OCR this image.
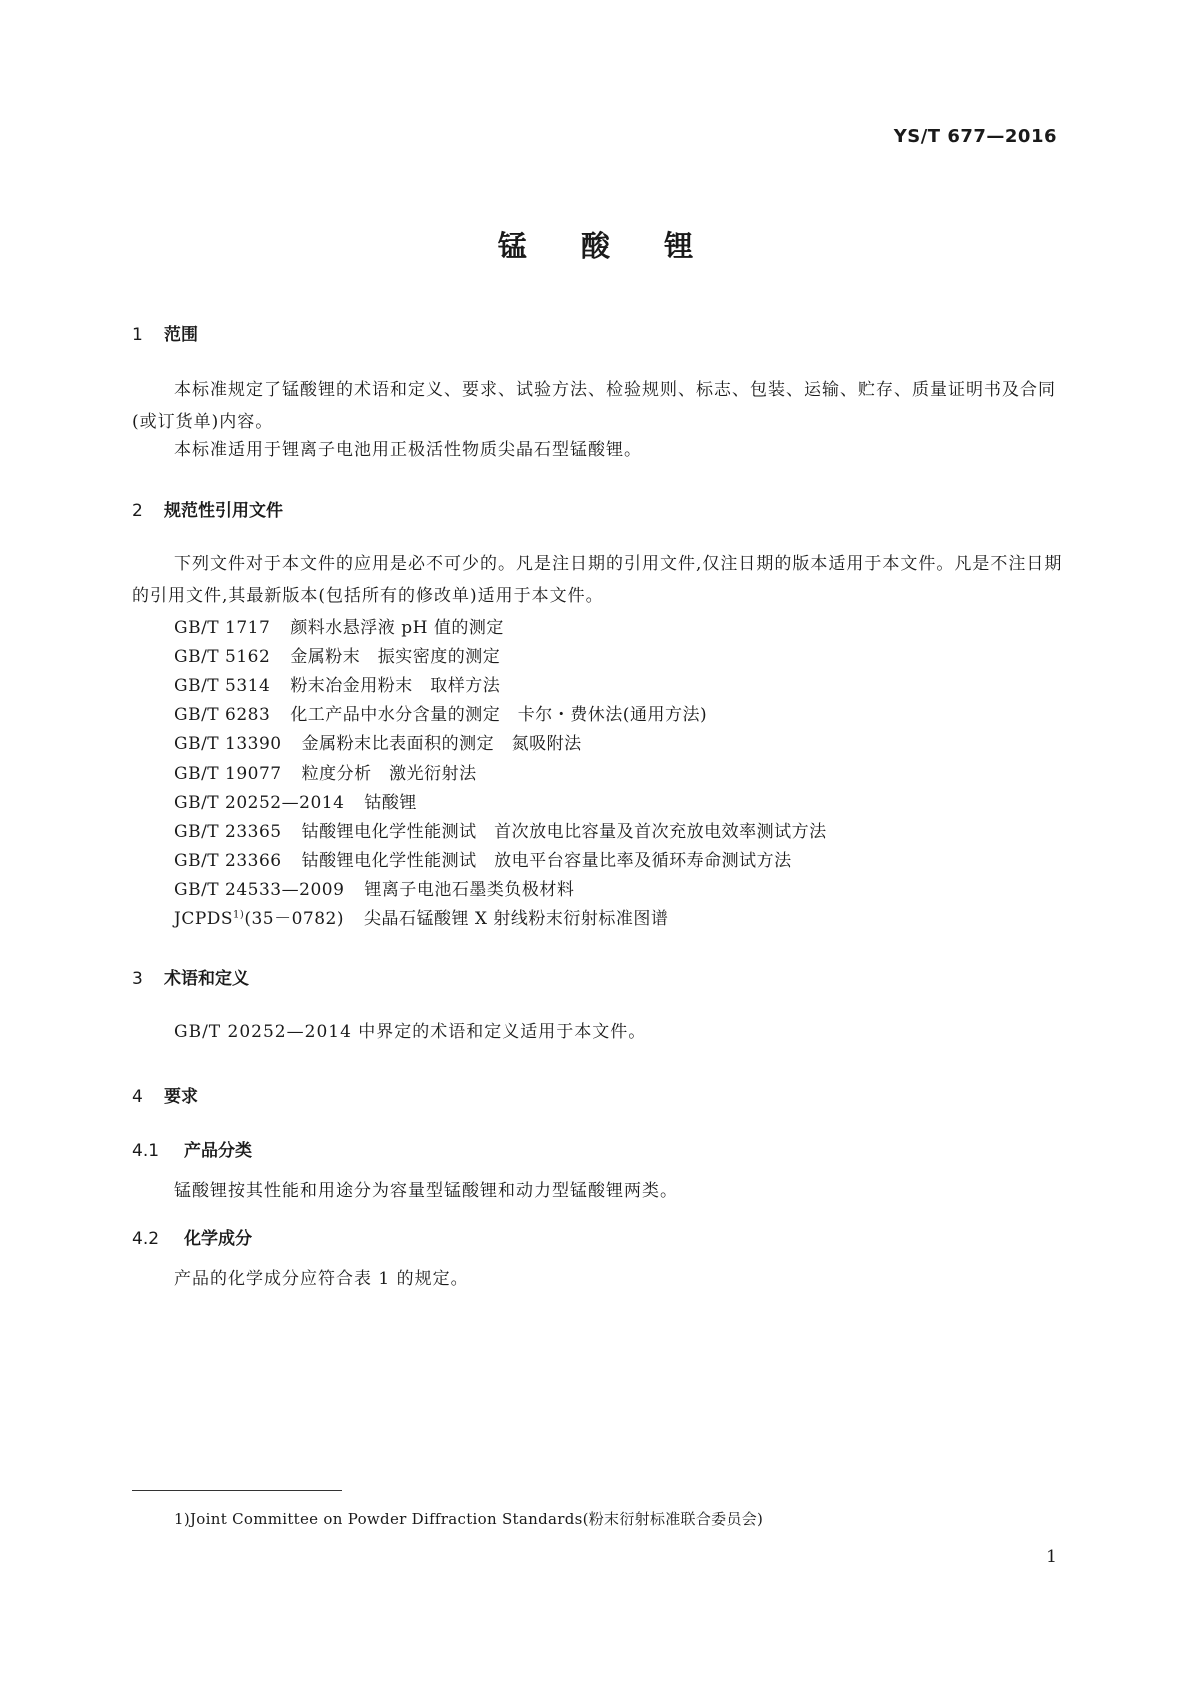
YS/T 677—2016
锰 酸 锂
1 范围

本标准规定了锰酸锂的术语和定义、要求、试验方法、检验规则、标志、包装、运输、贮存、质量证明书及合同(或订货单)内容。

本标准适用于锂离子电池用正极活性物质尖晶石型锰酸锂。

2 规范性引用文件

下列文件对于本文件的应用是必不可少的。凡是注日期的引用文件,仅注日期的版本适用于本文件。凡是不注日期的引用文件,其最新版本(包括所有的修改单)适用于本文件。

GB/T 1717 颜料水悬浮液 pH 值的测定
GB/T 5162 金属粉末　振实密度的测定
GB/T 5314 粉末冶金用粉末　取样方法
GB/T 6283 化工产品中水分含量的测定　卡尔・费休法(通用方法)
GB/T 13390 金属粉末比表面积的测定　氮吸附法
GB/T 19077 粒度分析　激光衍射法
GB/T 20252—2014 钴酸锂
GB/T 23365 钴酸锂电化学性能测试　首次放电比容量及首次充放电效率测试方法
GB/T 23366 钴酸锂电化学性能测试　放电平台容量比率及循环寿命测试方法
GB/T 24533—2009 锂离子电池石墨类负极材料
$JCPDS^{1)}(35-0782)$ 尖晶石锰酸锂 X 射线粉末衍射标准图谱
3 术语和定义

GB/T 20252—2014 中界定的术语和定义适用于本文件。

4 要求
4.1 产品分类

锰酸锂按其性能和用途分为容量型锰酸锂和动力型锰酸锂两类。

4.2 化学成分

产品的化学成分应符合表 1 的规定。

1)Joint Committee on Powder Diffraction Standards(粉末衍射标准联合委员会)
1
